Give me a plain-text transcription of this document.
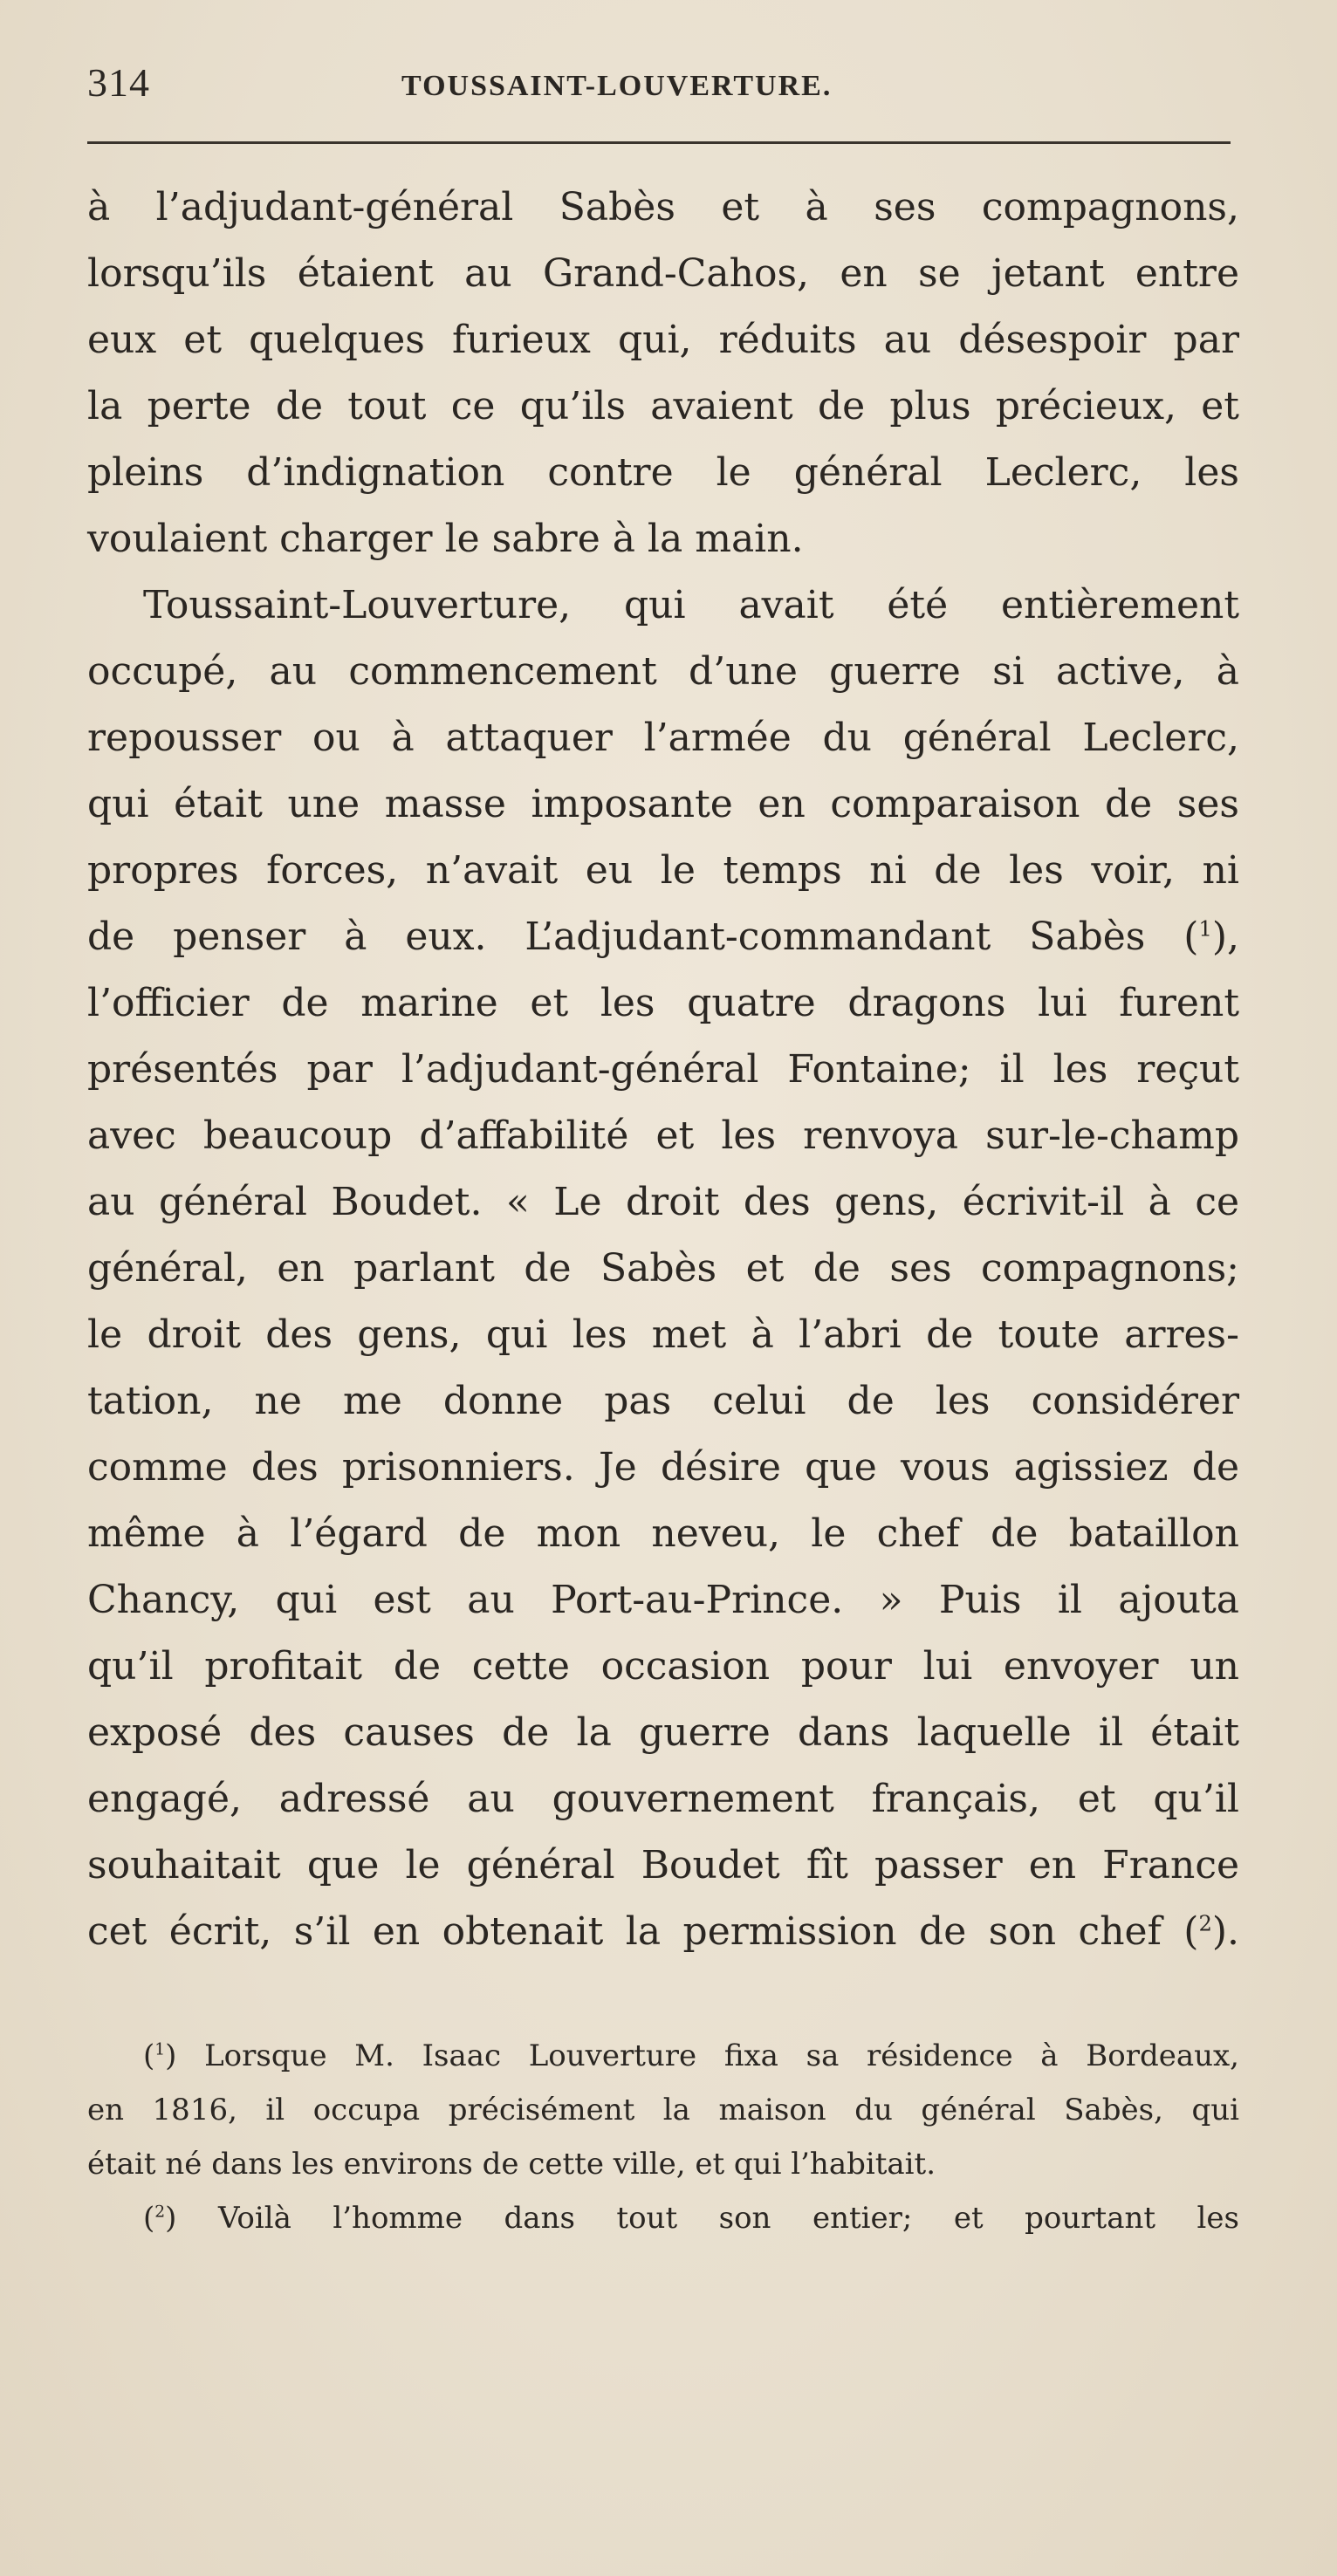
314	TOUSSAINT-LOUVERTURE.
à l’adjudant-général Sabès et à ses compagnons,
lorsqu’ils étaient au Grand-Cahos, en se jetant entre
eux et quelques furieux qui, réduits au désespoir par
la perte de tout ce qu’ils avaient de plus précieux, et
pleins d’indignation contre le général Leclerc, les
voulaient charger le sabre à la main.
Toussaint-Louverture, qui avait été entièrement
occupé, au commencement d’une guerre si active, à
repousser ou à attaquer l’armée du général Leclerc,
qui était une masse imposante en comparaison de ses
propres forces, n’avait eu le temps ni de les voir, ni
de penser à eux. L’adjudant-commandant Sabès ($^1$),
l’officier de marine et les quatre dragons lui furent
présentés par l’adjudant-général Fontaine; il les reçut
avec beaucoup d’affabilité et les renvoya sur-le-champ
au général Boudet. « Le droit des gens, écrivit-il à ce
général, en parlant de Sabès et de ses compagnons;
le droit des gens, qui les met à l’abri de toute arres-
tation, ne me donne pas celui de les considérer
comme des prisonniers. Je désire que vous agissiez de
même à l’égard de mon neveu, le chef de bataillon
Chancy, qui est au Port-au-Prince. » Puis il ajouta
qu’il profitait de cette occasion pour lui envoyer un
exposé des causes de la guerre dans laquelle il était
engagé, adressé au gouvernement français, et qu’il
souhaitait que le général Boudet fît passer en France
cet écrit, s’il en obtenait la permission de son chef ($^2$).
($^1$) Lorsque M. Isaac Louverture fixa sa résidence à Bordeaux,
en 1816, il occupa précisément la maison du général Sabès, qui
était né dans les environs de cette ville, et qui l’habitait.
($^2$) Voilà l’homme dans tout son entier; et pourtant les
